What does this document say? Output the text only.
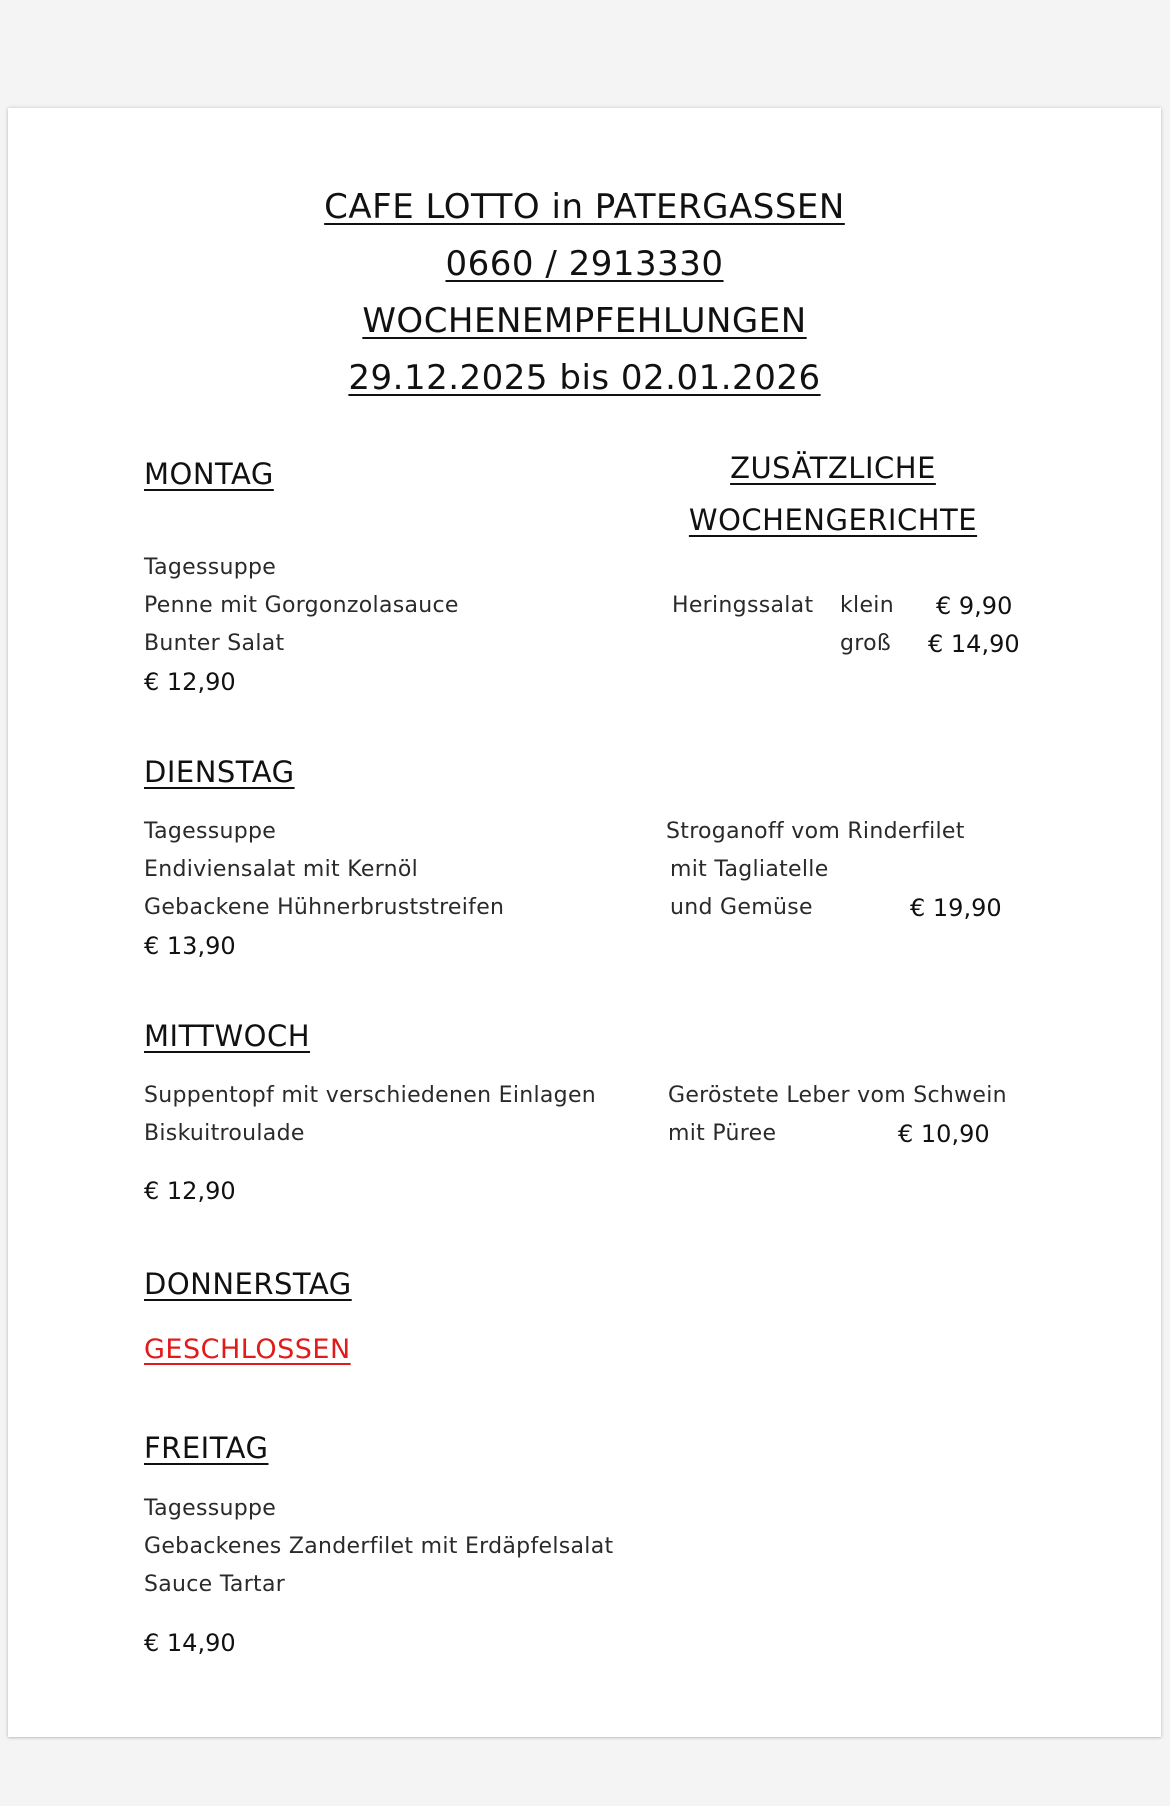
CAFE LOTTO in PATERGASSEN
0660 / 2913330
WOCHENEMPFEHLUNGEN
29.12.2025 bis 02.01.2026
MONTAG
Tagessuppe
Penne mit Gorgonzolasauce
Bunter Salat
€ 12,90
DIENSTAG
Tagessuppe
Endiviensalat mit Kernöl
Gebackene Hühnerbruststreifen
€ 13,90
MITTWOCH
Suppentopf mit verschiedenen Einlagen
Biskuitroulade
€ 12,90
DONNERSTAG
GESCHLOSSEN
FREITAG
Tagessuppe
Gebackenes Zanderfilet mit Erdäpfelsalat
Sauce Tartar
€ 14,90
ZUSÄTZLICHE
WOCHENGERICHTE
Heringssalat klein € 9,90
groß € 14,90
Stroganoff vom Rinderfilet
mit Tagliatelle
und Gemüse	€ 19,90
Geröstete Leber vom Schwein
mit Püree	€ 10,90
